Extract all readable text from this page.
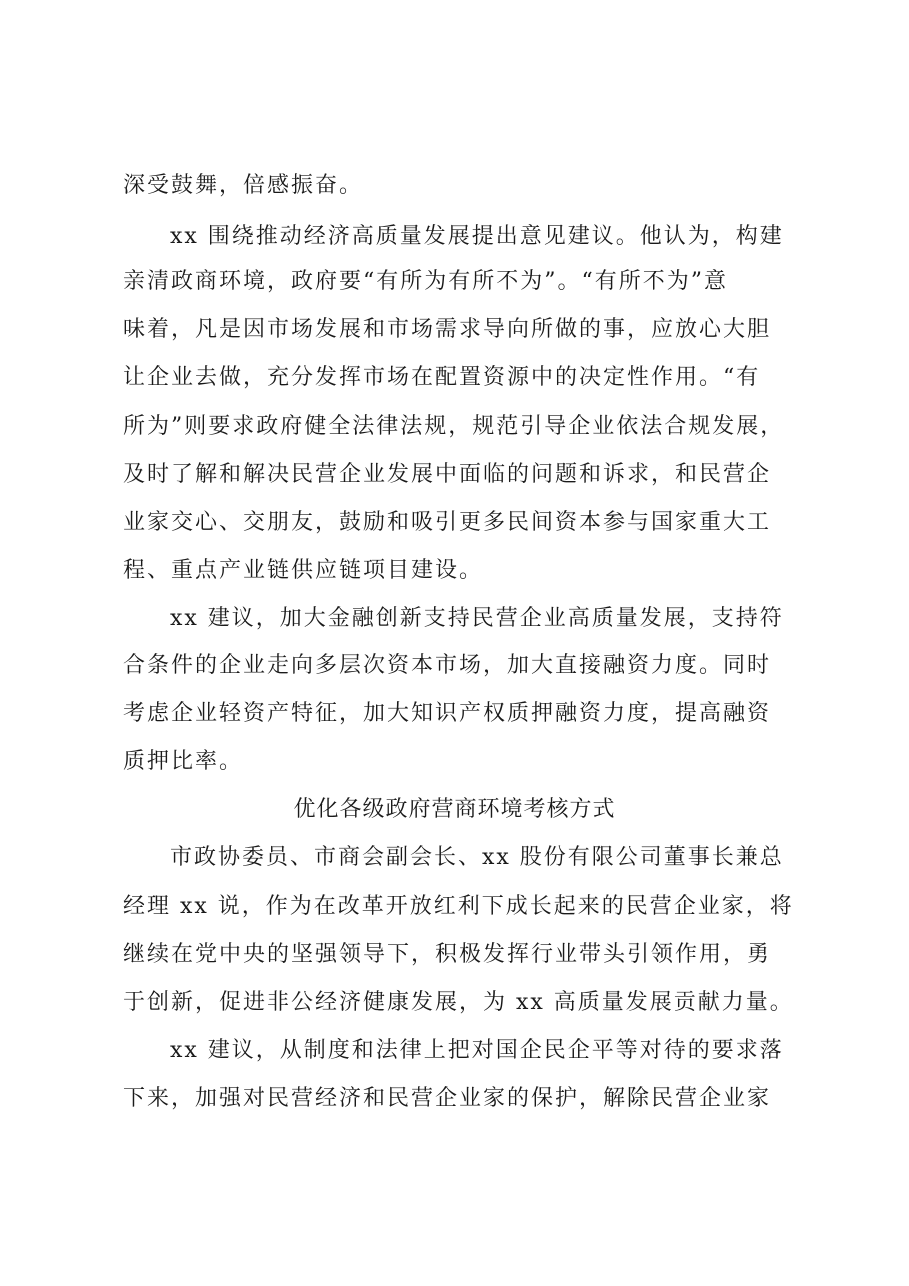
深受鼓舞，倍感振奋。
xx 围绕推动经济高质量发展提出意见建议。他认为，构建
亲清政商环境，政府要“有所为有所不为”。“有所不为”意
味着，凡是因市场发展和市场需求导向所做的事，应放心大胆
让企业去做，充分发挥市场在配置资源中的决定性作用。“有
所为”则要求政府健全法律法规，规范引导企业依法合规发展，
及时了解和解决民营企业发展中面临的问题和诉求，和民营企
业家交心、交朋友，鼓励和吸引更多民间资本参与国家重大工
程、重点产业链供应链项目建设。
xx 建议，加大金融创新支持民营企业高质量发展，支持符
合条件的企业走向多层次资本市场，加大直接融资力度。同时
考虑企业轻资产特征，加大知识产权质押融资力度，提高融资
质押比率。
优化各级政府营商环境考核方式
市政协委员、市商会副会长、xx 股份有限公司董事长兼总
经理 xx 说，作为在改革开放红利下成长起来的民营企业家，将
继续在党中央的坚强领导下，积极发挥行业带头引领作用，勇
于创新，促进非公经济健康发展，为 xx 高质量发展贡献力量。
xx 建议，从制度和法律上把对国企民企平等对待的要求落
下来，加强对民营经济和民营企业家的保护，解除民营企业家
